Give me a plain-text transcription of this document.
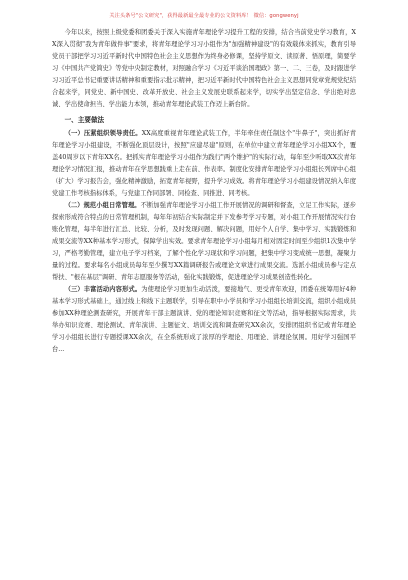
关注头条号"公文研究"，获得最新最全最专业的公文资料库！ 微信：gongwenyj

今年以来，按照上级党委和团委关于深入实施青年理论学习提升工程的安排，结合当前党史学习教育，XX深入贯彻"我为青年做件事"要求，将青年理论学习习小组作为"加强精神建设"的有效载体来抓实，教育引导党员干部把学习习近平新时代中国特色社会主义思想作为终身必修课，坚持学原文、读原著、悟原理，简要学习《中国共产党简史》等党中央制定教材，对照融合学习《习近平谈治国理政》第一、二、三卷，及时跟进学习习近平总书记重要讲话精神和重要指示批示精神，把习近平新时代中国特色社会主义思想同党章党规党纪结合起来学，同党史、新中国史、改革开放史、社会主义发展史联系起来学，切实学出坚定信念、学出绝对忠诚、学出使命担当、学出能力本领，推动青年理论武装工作迈上新台阶。

一、主要做法

（一）压紧组织领导责任。XX高度重视青年理论武装工作，半年牵住责任制这个"牛鼻子"，突出抓好青年理论学习小组建设，不断强化顶层设计，按照"应建尽建"原则，在单位中建立青年理论学习小组XX个，覆盖40周岁以下青年XX名。把抓实青年理论学习小组作为践行"两个维护"的实际行动，每年至少听取XX次青年理论学习情况汇报，推动青年在学思想践重上走在前、作表率。制度化安排青年理论学习小组组长列席中心组（扩大）学习报告会，强化精神激励，拓宽青年视野，提升学习成效。将青年理论学习小组建设情况纳入年度党建工作考核指标体系，与党建工作同部署、同检查、同推进、同考核。

（二）规范小组日常管理。不断加强青年理论学习小组工作开展情况的调研和督查，立足工作实际，逐步探索形成符合特点的日常管理机制，每年年初结合实际制定并下发参考学习专题，对小组工作开展情况实行台账化管理，每半年进行汇总、比较、分析，及时发现问题、解决问题，用好个人自学、集中学习、实践锻炼和成果交流等XX种基本学习形式，保障学出实效。要求青年理论学习小组每月相对固定时间至少组织1次集中学习，严格考勤管理，建立电子学习档案，了解个性化学习现状和学习问题，把集中学习变成统一思想，凝聚力量的过程。要求每名小组成员每年至少撰写XX篇调研报告或理论文章进行成果交流。选派小组成员参与定点帮扶、"根在基层"调研、青年志愿服务等活动，强化实践锻炼，促进理论学习成果创造性转化。

（三）丰富活动内容形式。为使理论学习更加生动活泼，要接地气、更受青年欢迎，团委在统筹用好4种基本学习形式基础上，通过线上和线下主题联学，引导在职中小学员和学习小组组长培训交流，组织小组成员参加XX种理论测查研究，开展青年干部主题演讲、党的理论知识竞赛和征文等活动，指导根据实际需求，共举办知识竞赛、理论测试、青年演讲、主题征文、培训交流和调查研究XX余次，安排团组织书记或青年理论学习小组组长进行专题授课XX余次，在全系统形成了浓厚的学理论、用理论、讲理论氛围。用好学习强国平台...
